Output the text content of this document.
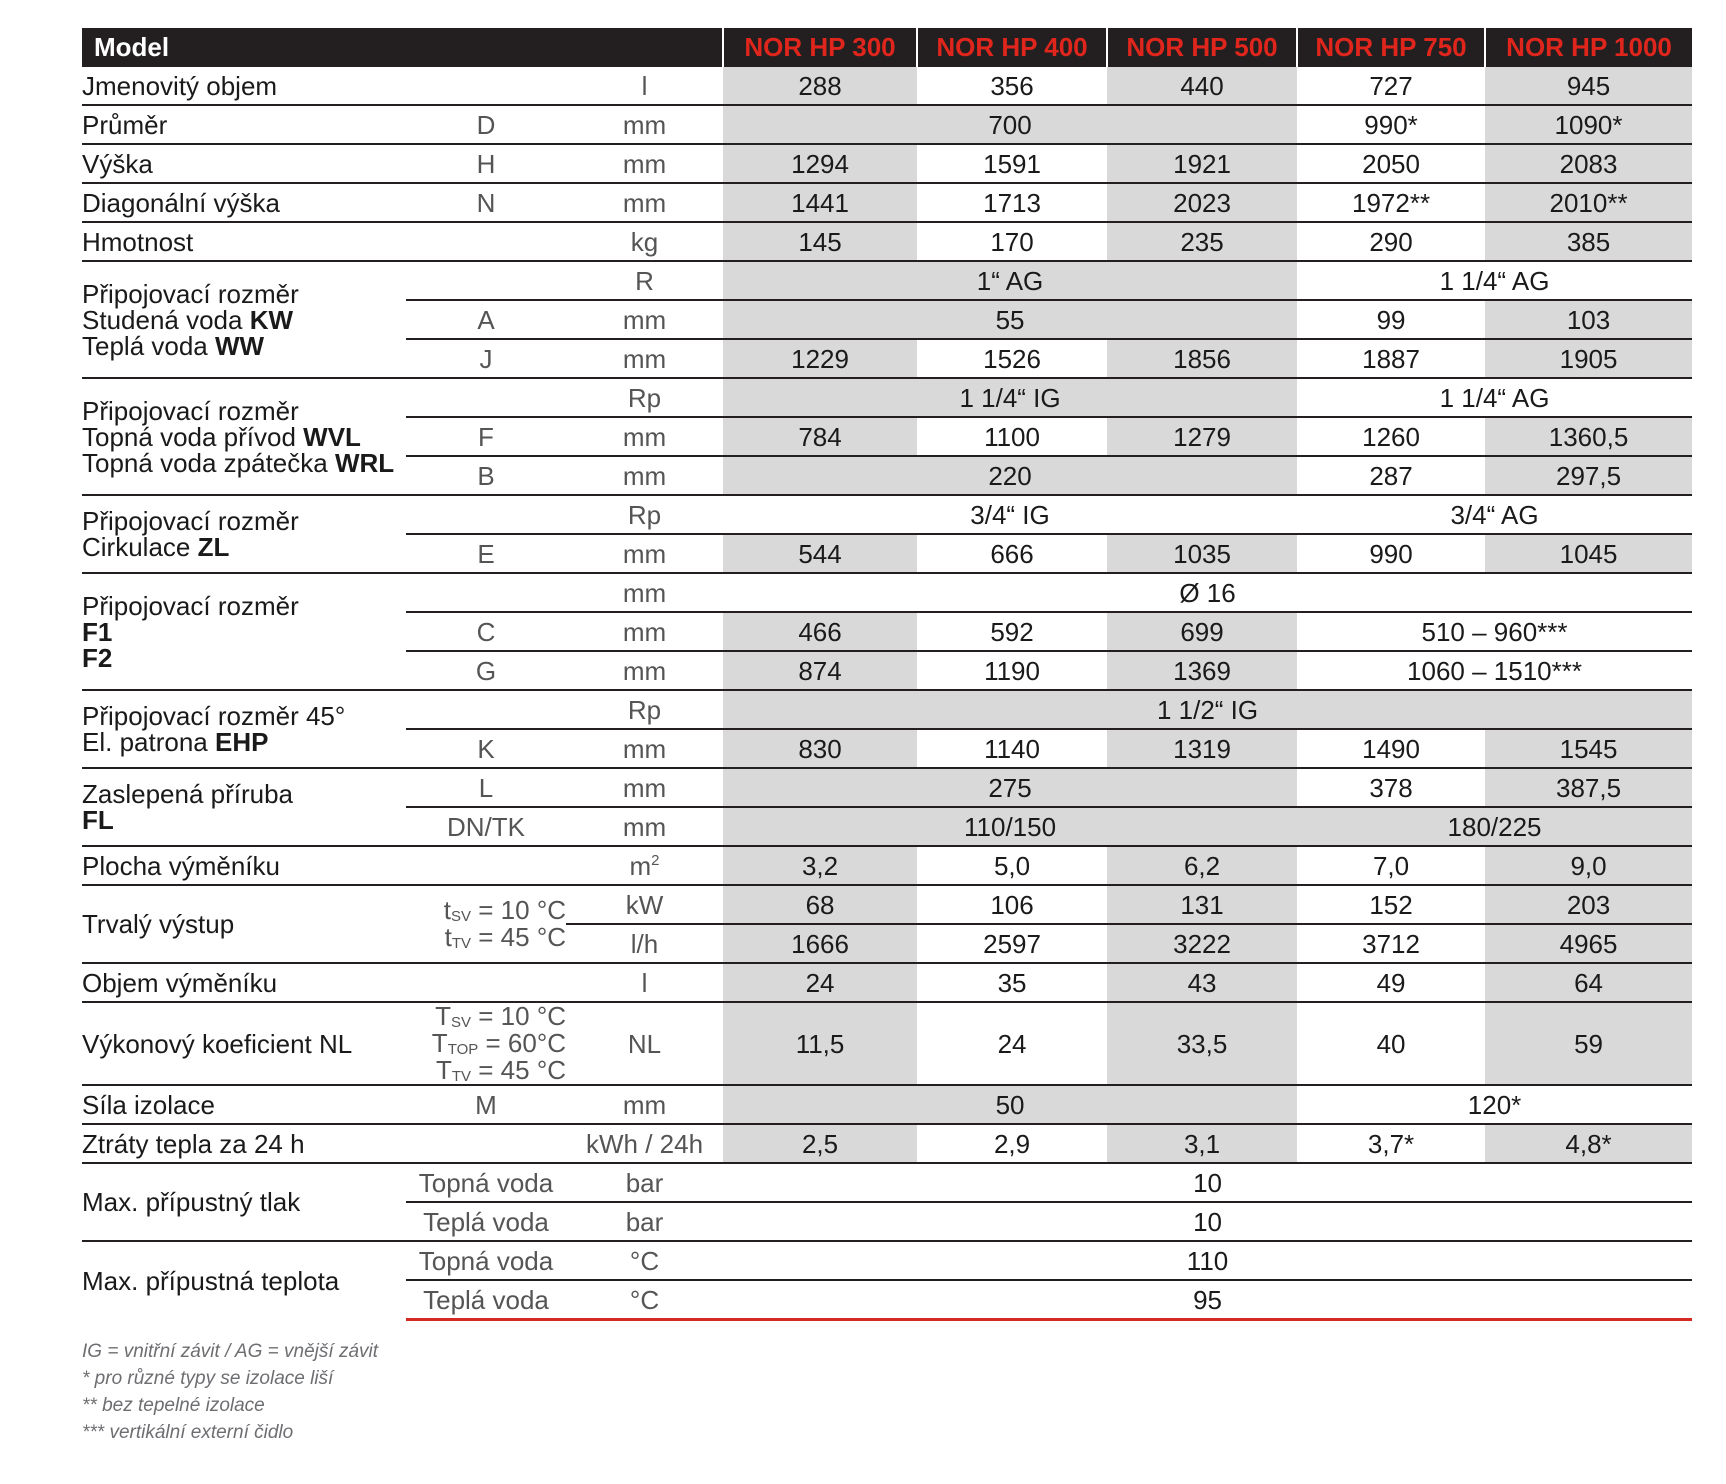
Model			NOR HP 300	NOR HP 400	NOR HP 500	NOR HP 750	NOR HP 1000
Jmenovitý objem		l	288	356	440	727	945
Průměr	D	mm	700			990*	1090*
Výška	H	mm	1294	1591	1921	2050	2083
Diagonální výška	N	mm	1441	1713	2023	1972**	2010**
Hmotnost		kg	145	170	235	290	385

Připojovací rozměr
Studená voda KW
Teplá voda WW		R	1“ AG			1 1/4“ AG	
	A	mm	55			99	103
	J	mm	1229	1526	1856	1887	1905

Připojovací rozměr
Topná voda přívod WVL
Topná voda zpátečka WRL		Rp	1 1/4“ IG			1 1/4“ AG	
	F	mm	784	1100	1279	1260	1360,5
	B	mm	220			287	297,5

Připojovací rozměr
Cirkulace ZL		Rp	3/4“ IG			3/4“ AG	
	E	mm	544	666	1035	990	1045

Připojovací rozměr
F1
F2		mm	Ø 16				
	C	mm	466	592	699	510 – 960***	
	G	mm	874	1190	1369	1060 – 1510***	

Připojovací rozměr 45°
El. patrona EHP		Rp	1 1/2“ IG				
	K	mm	830	1140	1319	1490	1545

Zaslepená příruba
FL	L	mm	275			378	387,5
	DN/TK	mm	110/150			180/225	
Plocha výměníku		$m^2$	3,2	5,0	6,2	7,0	9,0
Trvalý výstup	$t_{SV} = 10$ °C
$t_{TV} = 45$ °C	kW	68	106	131	152	203
		l/h	1666	2597	3222	3712	4965
Objem výměníku		l	24	35	43	49	64
Výkonový koeficient NL	$T_{SV} = 10$ °C
$T_{TOP} = 60^\circ C$
$T_{TV} = 45$ °C	NL	11,5	24	33,5	40	59
Síla izolace	M	mm	50			120*	
Ztráty tepla za 24 h		kWh / 24h	2,5	2,9	3,1	3,7*	4,8*
Max. přípustný tlak	Topná voda	bar	10				
	Teplá voda	bar	10				
Max. přípustná teplota	Topná voda	°C	110				
	Teplá voda	°C	95				
IG = vnitřní závit / AG = vnější závit
* pro různé typy se izolace liší
** bez tepelné izolace
*** vertikální externí čidlo
